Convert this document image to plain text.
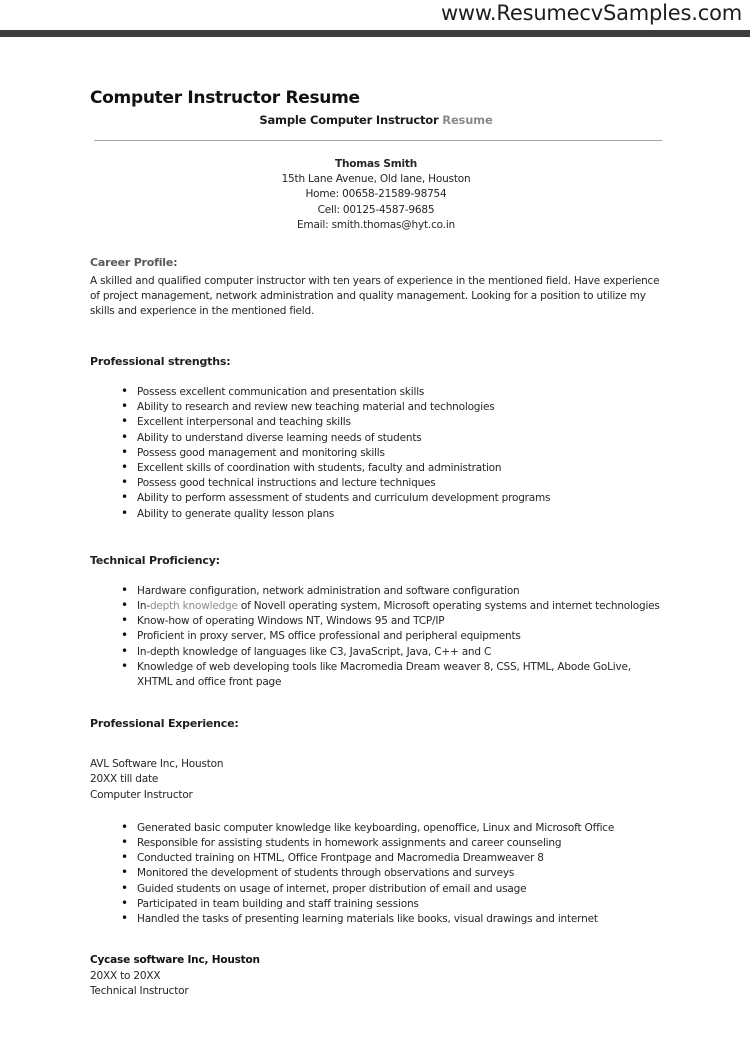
www.ResumecvSamples.com
Computer Instructor Resume
Sample Computer Instructor Resume
Thomas Smith
15th Lane Avenue, Old lane, Houston
Home: 00658-21589-98754
Cell: 00125-4587-9685
Email: smith.thomas@hyt.co.in
Career Profile:

A skilled and qualified computer instructor with ten years of experience in the mentioned field. Have experience of project management, network administration and quality management. Looking for a position to utilize my skills and experience in the mentioned field.

Professional strengths:
• Possess excellent communication and presentation skills
• Ability to research and review new teaching material and technologies
• Excellent interpersonal and teaching skills
• Ability to understand diverse learning needs of students
• Possess good management and monitoring skills
• Excellent skills of coordination with students, faculty and administration
• Possess good technical instructions and lecture techniques
• Ability to perform assessment of students and curriculum development programs
• Ability to generate quality lesson plans
Technical Proficiency:
• Hardware configuration, network administration and software configuration
• In-depth knowledge of Novell operating system, Microsoft operating systems and internet technologies
• Know-how of operating Windows NT, Windows 95 and TCP/IP
• Proficient in proxy server, MS office professional and peripheral equipments
• In-depth knowledge of languages like C3, JavaScript, Java, C++ and C
• Knowledge of web developing tools like Macromedia Dream weaver 8, CSS, HTML, Abode GoLive, XHTML and office front page
Professional Experience:
AVL Software Inc, Houston
20XX till date
Computer Instructor
• Generated basic computer knowledge like keyboarding, openoffice, Linux and Microsoft Office
• Responsible for assisting students in homework assignments and career counseling
• Conducted training on HTML, Office Frontpage and Macromedia Dreamweaver 8
• Monitored the development of students through observations and surveys
• Guided students on usage of internet, proper distribution of email and usage
• Participated in team building and staff training sessions
• Handled the tasks of presenting learning materials like books, visual drawings and internet
Cycase software Inc, Houston
20XX to 20XX
Technical Instructor
